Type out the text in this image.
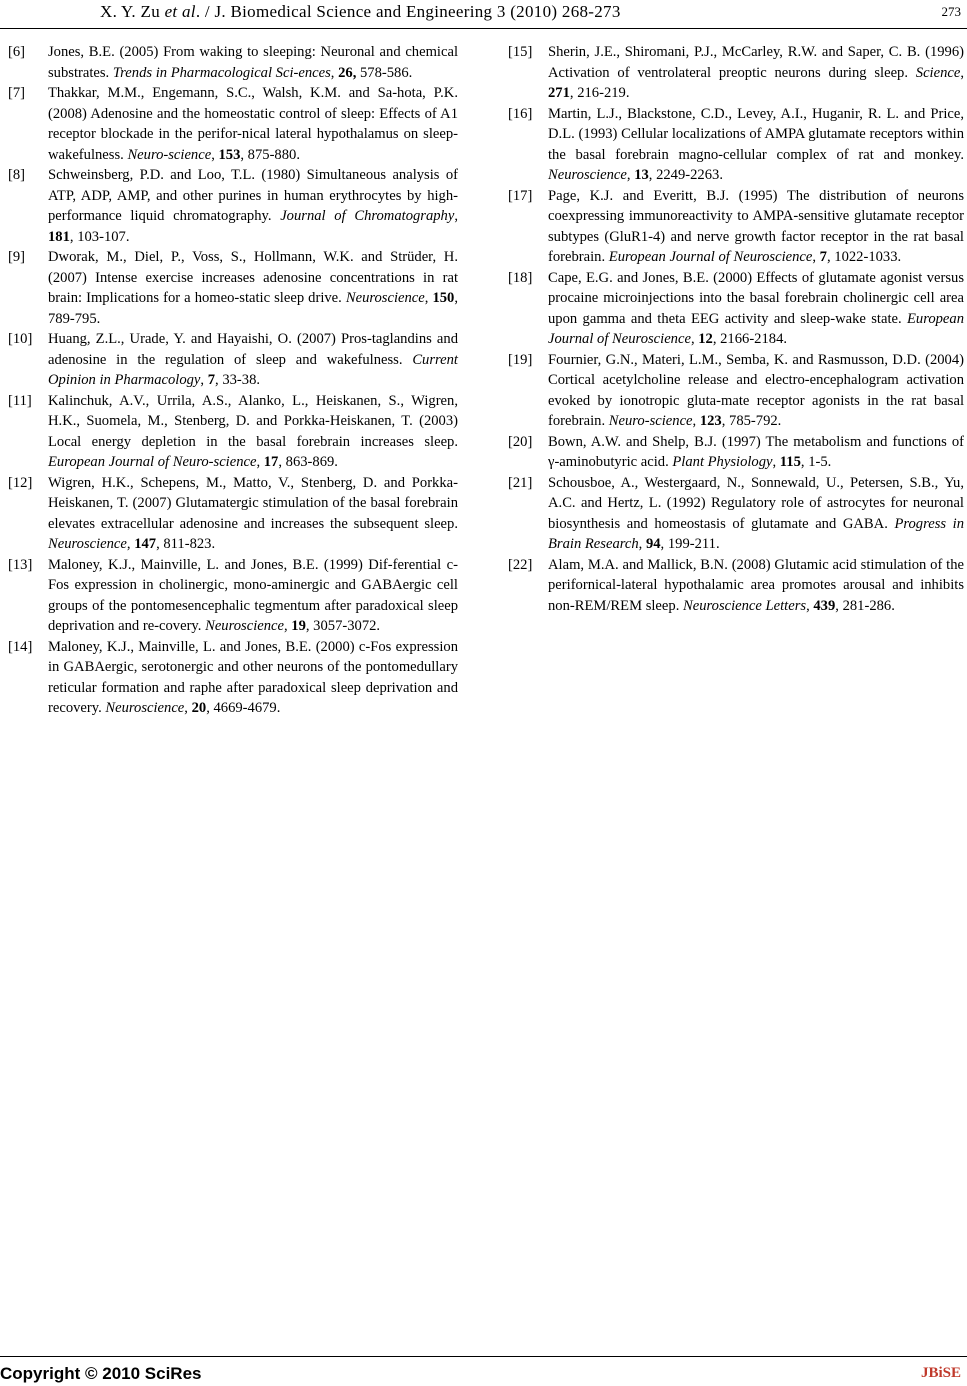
X. Y. Zu et al. / J. Biomedical Science and Engineering 3 (2010) 268-273	273
[6] Jones, B.E. (2005) From waking to sleeping: Neuronal and chemical substrates. Trends in Pharmacological Sci-ences, 26, 578-586.
[7] Thakkar, M.M., Engemann, S.C., Walsh, K.M. and Sa-hota, P.K. (2008) Adenosine and the homeostatic control of sleep: Effects of A1 receptor blockade in the perifor-nical lateral hypothalamus on sleep-wakefulness. Neuro-science, 153, 875-880.
[8] Schweinsberg, P.D. and Loo, T.L. (1980) Simultaneous analysis of ATP, ADP, AMP, and other purines in human erythrocytes by high-performance liquid chromatography. Journal of Chromatography, 181, 103-107.
[9] Dworak, M., Diel, P., Voss, S., Hollmann, W.K. and Strüder, H. (2007) Intense exercise increases adenosine concentrations in rat brain: Implications for a homeo-static sleep drive. Neuroscience, 150, 789-795.
[10] Huang, Z.L., Urade, Y. and Hayaishi, O. (2007) Pros-taglandins and adenosine in the regulation of sleep and wakefulness. Current Opinion in Pharmacology, 7, 33-38.
[11] Kalinchuk, A.V., Urrila, A.S., Alanko, L., Heiskanen, S., Wigren, H.K., Suomela, M., Stenberg, D. and Porkka-Heiskanen, T. (2003) Local energy depletion in the basal forebrain increases sleep. European Journal of Neuro-science, 17, 863-869.
[12] Wigren, H.K., Schepens, M., Matto, V., Stenberg, D. and Porkka-Heiskanen, T. (2007) Glutamatergic stimulation of the basal forebrain elevates extracellular adenosine and increases the subsequent sleep. Neuroscience, 147, 811-823.
[13] Maloney, K.J., Mainville, L. and Jones, B.E. (1999) Dif-ferential c-Fos expression in cholinergic, mono-aminergic and GABAergic cell groups of the pontomesencephalic tegmentum after paradoxical sleep deprivation and re-covery. Neuroscience, 19, 3057-3072.
[14] Maloney, K.J., Mainville, L. and Jones, B.E. (2000) c-Fos expression in GABAergic, serotonergic and other neurons of the pontomedullary reticular formation and raphe after paradoxical sleep deprivation and recovery. Neuroscience, 20, 4669-4679.
[15] Sherin, J.E., Shiromani, P.J., McCarley, R.W. and Saper, C. B. (1996) Activation of ventrolateral preoptic neurons during sleep. Science, 271, 216-219.
[16] Martin, L.J., Blackstone, C.D., Levey, A.I., Huganir, R. L. and Price, D.L. (1993) Cellular localizations of AMPA glutamate receptors within the basal forebrain magno-cellular complex of rat and monkey. Neuroscience, 13, 2249-2263.
[17] Page, K.J. and Everitt, B.J. (1995) The distribution of neurons coexpressing immunoreactivity to AMPA-sensitive glutamate receptor subtypes (GluR1-4) and nerve growth factor receptor in the rat basal forebrain. European Journal of Neuroscience, 7, 1022-1033.
[18] Cape, E.G. and Jones, B.E. (2000) Effects of glutamate agonist versus procaine microinjections into the basal forebrain cholinergic cell area upon gamma and theta EEG activity and sleep-wake state. European Journal of Neuroscience, 12, 2166-2184.
[19] Fournier, G.N., Materi, L.M., Semba, K. and Rasmusson, D.D. (2004) Cortical acetylcholine release and electro-encephalogram activation evoked by ionotropic gluta-mate receptor agonists in the rat basal forebrain. Neuro-science, 123, 785-792.
[20] Bown, A.W. and Shelp, B.J. (1997) The metabolism and functions of γ-aminobutyric acid. Plant Physiology, 115, 1-5.
[21] Schousboe, A., Westergaard, N., Sonnewald, U., Petersen, S.B., Yu, A.C. and Hertz, L. (1992) Regulatory role of astrocytes for neuronal biosynthesis and homeostasis of glutamate and GABA. Progress in Brain Research, 94, 199-211.
[22] Alam, M.A. and Mallick, B.N. (2008) Glutamic acid stimulation of the perifornical-lateral hypothalamic area promotes arousal and inhibits non-REM/REM sleep. Neuroscience Letters, 439, 281-286.
Copyright © 2010 SciRes	JBiSE
